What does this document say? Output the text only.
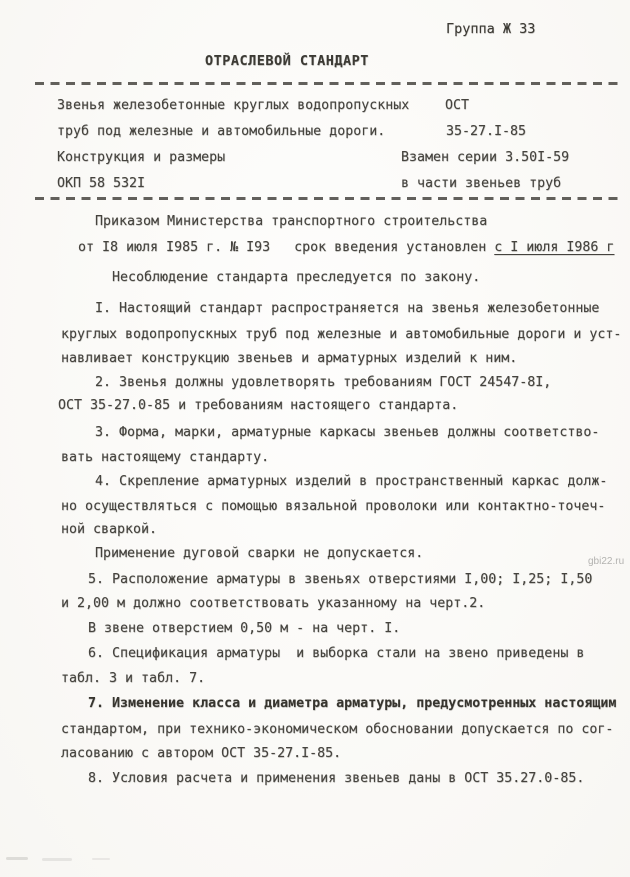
Группа Ж 33
ОТРАСЛЕВОЙ СТАНДАРТ
Звенья железобетонные круглых водопропускных
труб под железные и автомобильные дороги.
Конструкция и размеры
ОКП 58 532I
ОСТ
35-27.I-85
Взамен серии 3.50I-59
в части звеньев труб
Приказом Министерства транспортного строительства
от I8 июля I985 г. № I93   срок введения установлен с I июля I986 г
Несоблюдение стандарта преследуется по закону.
I. Настоящий стандарт распространяется на звенья железобетонные
круглых водопропускных труб под железные и автомобильные дороги и уст-
навливает конструкцию звеньев и арматурных изделий к ним.
2. Звенья должны удовлетворять требованиям ГОСТ 24547-8I,
ОСТ 35-27.0-85 и требованиям настоящего стандарта.
3. Форма, марки, арматурные каркасы звеньев должны соответство-
вать настоящему стандарту.
4. Скрепление арматурных изделий в пространственный каркас долж-
но осуществляться с помощью вязальной проволоки или контактно-точеч-
ной сваркой.
Применение дуговой сварки не допускается.
5. Расположение арматуры в звеньях отверстиями I,00; I,25; I,50
и 2,00 м должно соответствовать указанному на черт.2.
В звене отверстием 0,50 м - на черт. I.
6. Спецификация арматуры  и выборка стали на звено приведены в
табл. 3 и табл. 7.
7. Изменение класса и диаметра арматуры, предусмотренных настоящим
стандартом, при технико-экономическом обосновании допускается по сог-
ласованию с автором ОСТ 35-27.I-85.
8. Условия расчета и применения звеньев даны в ОСТ 35.27.0-85.
gbi22.ru
